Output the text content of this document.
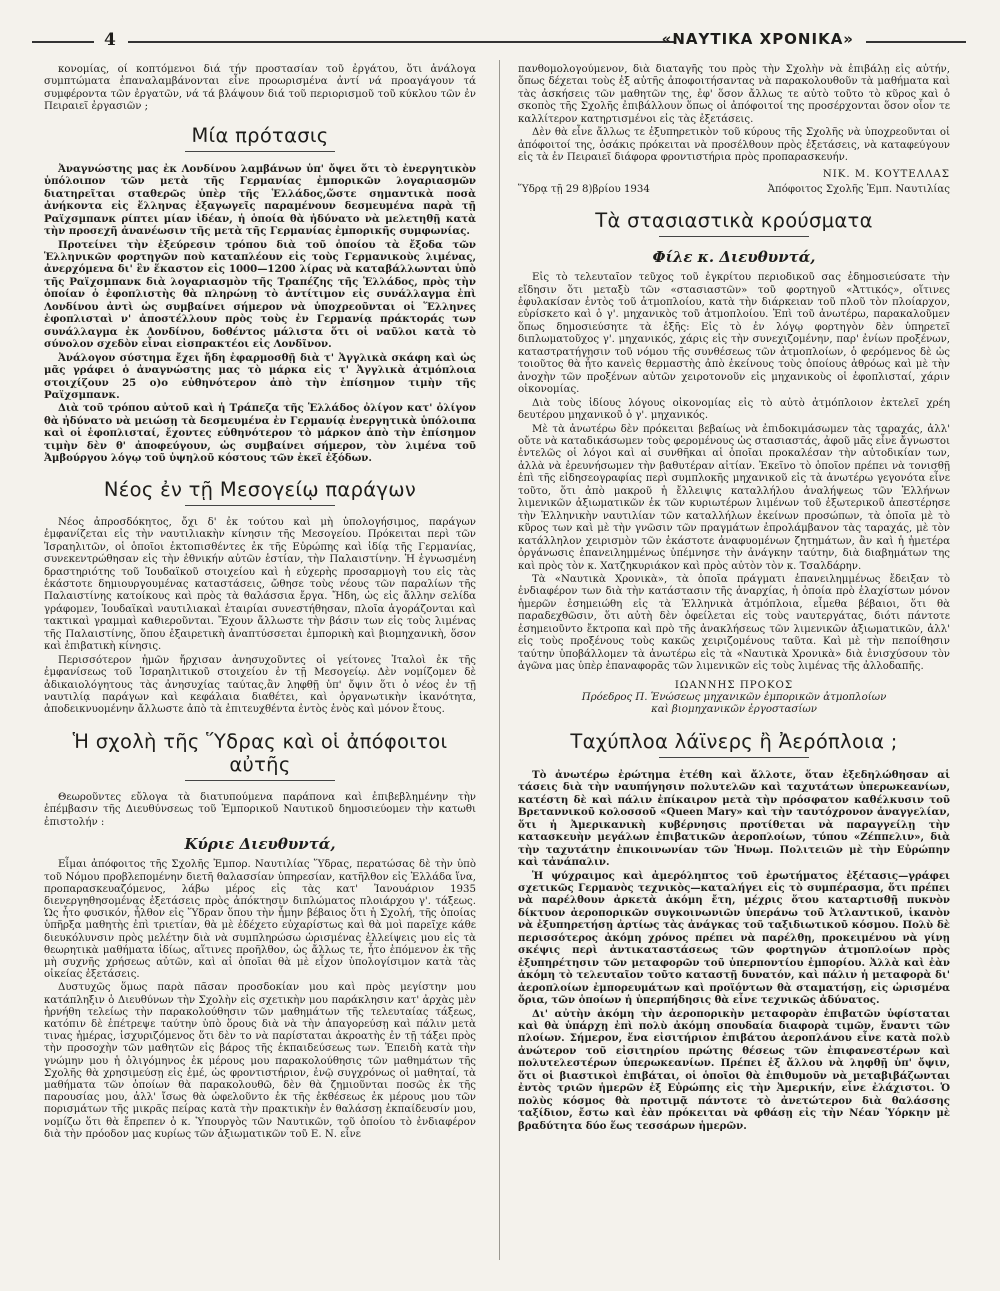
4	«ΝΑΥΤΙΚΑ ΧΡΟΝΙΚΑ»

κονομίας, οί κοπτόμενοι διά τήν προστασίαν τοῦ ἐργάτου, ὅτι ἀνάλογα συμπτώματα ἐπαναλαμβάνονται εἶνε προωρισμένα ἀντί νά προαγάγουν τά συμφέροντα τῶν ἐργατῶν, νά τά βλάψουν διά τοῦ περιορισμοῦ τοῦ κύκλου τῶν ἐν Πειραιεῖ ἐργασιῶν ;

Μία πρότασις

Ἀναγνώστης μας ἐκ Λονδίνου λαμβάνων ὑπ' ὄψει ὅτι τὸ ἐνεργητικὸν ὑπόλοιπον τῶν μετὰ τῆς Γερμανίας ἐμπορικῶν λογαριασμῶν διατηρεῖται σταθερῶς ὑπὲρ τῆς Ἑλλάδος,ὥστε σημαντικὰ ποσὰ ἀνήκοντα εἰς ἕλληνας ἐξαγωγεῖς παραμένουν δεσμευμένα παρὰ τῇ Ραϊχσμπανκ ρίπτει μίαν ἰδέαν, ἡ ὁποία θὰ ἠδύνατο νὰ μελετηθῇ κατὰ τὴν προσεχῆ ἀνανέωσιν τῆς μετὰ τῆς Γερμανίας ἐμπορικῆς συμφωνίας.

Προτείνει τὴν ἐξεύρεσιν τρόπου διὰ τοῦ ὁποίου τὰ ἔξοδα τῶν Ἑλληνικῶν φορτηγῶν ποὺ καταπλέουν εἰς τοὺς Γερμανικοὺς λιμένας, ἀνερχόμενα δι' ἓν ἕκαστον εἰς 1000—1200 λίρας νὰ καταβάλλωνται ὑπὸ τῆς Ραϊχσμπανκ διὰ λογαριασμὸν τῆς Τραπέζης τῆς Ἑλλάδος, πρὸς τὴν ὁποίαν ὁ ἐφοπλιστὴς θὰ πληρώνῃ τὸ ἀντίτιμον εἰς συνάλλαγμα ἐπὶ Λονδίνου ἀντὶ ὡς συμβαίνει σήμερον νὰ ὑποχρεοῦνται οἱ Ἕλληνες ἐφοπλισταὶ ν' ἀποστέλλουν πρὸς τοὺς ἐν Γερμανίᾳ πράκτοράς των συνάλλαγμα ἐκ Λονδίνου, δοθέντος μάλιστα ὅτι οἱ ναῦλοι κατὰ τὸ σύνολον σχεδὸν εἶναι εἰσπρακτέοι εἰς Λονδῖνον.

Ἀνάλογον σύστημα ἔχει ἤδη ἐφαρμοσθῇ διὰ τ' Ἀγγλικὰ σκάφη καὶ ὡς μᾶς γράφει ὁ ἀναγνώστης μας τὸ μάρκα εἰς τ' Ἀγγλικὰ ἀτμόπλοια στοιχίζουν 25 ο)ο εὐθηνότερον ἀπὸ τὴν ἐπίσημον τιμὴν τῆς Ραϊχσμπανκ.

Διὰ τοῦ τρόπου αὐτοῦ καὶ ἡ Τράπεζα τῆς Ἑλλάδος ὀλίγον κατ' ὀλίγον θὰ ἠδύνατο νὰ μειώσῃ τὰ δεσμευμένα ἐν Γερμανίᾳ ἐνεργητικὰ ὑπόλοιπα καὶ οἱ ἐφοπλισταί, ἔχοντες εὐθηνότερον τὸ μάρκον ἀπὸ τὴν ἐπίσημον τιμὴν δὲν θ' ἀποφεύγουν, ὡς συμβαίνει σήμερον, τὸν λιμένα τοῦ Ἀμβούργου λόγῳ τοῦ ὑψηλοῦ κόστους τῶν ἐκεῖ ἐξόδων.

Νέος ἐν τῇ Μεσογείῳ παράγων

Νέος ἀπροσδόκητος, ὄχι δ' ἐκ τούτου καὶ μὴ ὑπολογήσιμος, παράγων ἐμφανίζεται εἰς τὴν ναυτιλιακὴν κίνησιν τῆς Μεσογείου. Πρόκειται περὶ τῶν Ἰσραηλιτῶν, οἱ ὁποῖοι ἐκτοπισθέντες ἐκ τῆς Εὐρώπης καὶ ἰδίᾳ τῆς Γερμανίας, συνεκεντρώθησαν εἰς τὴν ἐθνικήν αὐτῶν ἑστίαν, τὴν Παλαιστίνην. Ἡ ἐγνωσμένη δραστηριότης τοῦ Ἰουδαϊκοῦ στοιχείου καὶ ἡ εὐχερὴς προσαρμογὴ του εἰς τὰς ἑκάστοτε δημιουργουμένας καταστάσεις, ὤθησε τοὺς νέους τῶν παραλίων τῆς Παλαιστίνης κατοίκους καὶ πρὸς τὰ θαλάσσια ἔργα. Ἤδη, ὡς εἰς ἄλλην σελίδα γράφομεν, Ἰουδαϊκαὶ ναυτιλιακαὶ ἑταιρίαι συνεστήθησαν, πλοῖα ἀγοράζονται καὶ τακτικαὶ γραμμαὶ καθιεροῦνται. Ἔχουν ἄλλωστε τὴν βάσιν των εἰς τοὺς λιμένας τῆς Παλαιστίνης, ὅπου ἐξαιρετικὴ ἀναπτύσσεται ἐμπορικὴ καὶ βιομηχανικὴ, ὅσον καὶ ἐπιβατικὴ κίνησις.

Περισσότερον ἡμῶν ἤρχισαν ἀνησυχοῦντες οἱ γείτονες Ἰταλοὶ ἐκ τῆς ἐμφανίσεως τοῦ Ἰσραηλιτικοῦ στοιχείου ἐν τῇ Μεσογείῳ. Δὲν νομίζομεν δὲ ἀδικαιολόγητους τὰς ἀνησυχίας ταύτας,ἂν ληφθῇ ὑπ' ὄψιν ὅτι ὁ νέος ἐν τῇ ναυτιλίᾳ παράγων καὶ κεφάλαια διαθέτει, καὶ ὀργανωτικὴν ἱκανότητα, ἀποδεικνυομένην ἄλλωστε ἀπὸ τὰ ἐπιτευχθέντα ἐντὸς ἐνὸς καὶ μόνον ἔτους.

Ἡ σχολὴ τῆς Ὕδρας καὶ οἱ ἀπόφοιτοι αὐτῆς

Θεωροῦντες εὔλογα τὰ διατυπούμενα παράπονα καὶ ἐπιβεβλημένην τὴν ἐπέμβασιν τῆς Διευθύνσεως τοῦ Ἐμπορικοῦ Ναυτικοῦ δημοσιεύομεν τὴν κατωθι ἐπιστολήν :

Κύριε Διευθυντά,

Εἶμαι ἀπόφοιτος τῆς Σχολῆς Ἐμπορ. Ναυτιλίας Ὕδρας, περατώσας δὲ τὴν ὑπὸ τοῦ Νόμου προβλεπομένην διετῆ θαλασσίαν ὑπηρεσίαν, κατῆλθον εἰς Ἑλλάδα ἵνα, προπαρασκευαζόμενος, λάβω μέρος εἰς τὰς κατ' Ἰανουάριον 1935 διενεργηθησομένας ἐξετάσεις πρὸς ἀπόκτησιν διπλώματος πλοιάρχου γ'. τάξεως. Ὡς ἦτο φυσικόν, ἦλθον εἰς Ὕδραν ὅπου τὴν ἦμην βέβαιος ὅτι ἡ Σχολή, τῆς ὁποίας ὑπῆρξα μαθητὴς ἐπὶ τριετίαν, θὰ μὲ ἐδέχετο εὐχαρίστως καὶ θὰ μοὶ παρεῖχε κάθε διευκόλυνσιν πρὸς μελέτην διὰ νὰ συμπληρώσω ὡρισμένας ἐλλείψεις μου εἰς τὰ θεωρητικὰ μαθήματα ἰδίως, αἵτινες προῆλθον, ὡς ἄλλως τε, ἦτο ἑπόμενον ἐκ τῆς μὴ συχνῆς χρήσεως αὐτῶν, καὶ αἱ ὁποῖαι θὰ μὲ εἶχον ὑπολογίσιμον κατὰ τὰς οἰκείας ἐξετάσεις.

Δυστυχῶς ὅμως παρὰ πᾶσαν προσδοκίαν μου καὶ πρὸς μεγίστην μου κατάπληξιν ὁ Διευθύνων τὴν Σχολὴν εἰς σχετικὴν μου παράκλησιν κατ' ἀρχὰς μὲν ἠρνήθη τελείως τὴν παρακολούθησιν τῶν μαθημάτων τῆς τελευταίας τάξεως, κατόπιν δὲ ἐπέτρεψε ταύτην ὑπὸ ὅρους διὰ νὰ τὴν ἀπαγορεύσῃ καὶ πάλιν μετὰ τινας ἡμέρας, ἰσχυριζόμενος ὅτι δὲν το νὰ παρίσταται ἀκροατὴς ἐν τῇ τάξει πρὸς τὴν προσοχὴν τῶν μαθητῶν εἰς βάρος τῆς ἐκπαιδεύσεως των. Ἐπειδὴ κατὰ τὴν γνώμην μου ἡ ὀλιγόμηνος ἐκ μέρους μου παρακολούθησις τῶν μαθημάτων τῆς Σχολῆς θὰ χρησιμεύσῃ εἰς ἐμέ, ὡς φροντιστήριον, ἐνῷ συγχρόνως οἱ μαθηταί, τὰ μαθήματα τῶν ὁποίων θὰ παρακολουθῶ, δὲν θὰ ζημιοῦνται ποσῶς ἐκ τῆς παρουσίας μου, ἀλλ' ἴσως θὰ ὠφελοῦντο ἐκ τῆς ἐκθέσεως ἐκ μέρους μου τῶν πορισμάτων τῆς μικρᾶς πείρας κατὰ τὴν πρακτικὴν ἐν θαλάσσῃ ἐκπαίδευσίν μου, νομίζω ὅτι θὰ ἔπρεπεν ὁ κ. Ὑπουργὸς τῶν Ναυτικῶν, τοῦ ὁποίου τὸ ἐνδιαφέρον διὰ τὴν πρόοδον μας κυρίως τῶν ἀξιωματικῶν τοῦ Ε. Ν. εἶνε

πανθομολογούμενον, διὰ διαταγῆς του πρὸς τὴν Σχολὴν νὰ ἐπιβάλῃ εἰς αὐτήν, ὅπως δέχεται τοὺς ἐξ αὐτῆς ἀποφοιτήσαντας νὰ παρακολουθοῦν τὰ μαθήματα καὶ τὰς ἀσκήσεις τῶν μαθητῶν της, ἐφ' ὅσον ἄλλως τε αὐτὸ τοῦτο τὸ κῦρος καὶ ὁ σκοπὸς τῆς Σχολῆς ἐπιβάλλουν ὅπως οἱ ἀπόφοιτοί της προσέρχονται ὅσον οἷον τε καλλίτερον κατηρτισμένοι εἰς τὰς ἐξετάσεις.

Δὲν θὰ εἶνε ἄλλως τε ἐξυπηρετικὸν τοῦ κύρους τῆς Σχολῆς νὰ ὑποχρεοῦνται οἱ ἀπόφοιτοί της, ὁσάκις πρόκειται νὰ προσέλθουν πρὸς ἐξετάσεις, νὰ καταφεύγουν εἰς τὰ ἐν Πειραιεῖ διάφορα φροντιστήρια πρὸς προπαρασκευήν.

ΝΙΚ. Μ. ΚΟΥΤΕΛΛΑΣ
Ὕδρᾳ τῇ 29 8)βρίου 1934	Ἀπόφοιτος Σχολῆς Ἐμπ. Ναυτιλίας
Τὰ στασιαστικὰ κρούσματα
Φίλε κ. Διευθυντά,

Εἰς τὸ τελευταῖον τεῦχος τοῦ ἐγκρίτου περιοδικοῦ σας ἐδημοσιεύσατε τὴν εἴδησιν ὅτι μεταξὺ τῶν «στασιαστῶν» τοῦ φορτηγοῦ «Ἀττικός», οἵτινες ἐφυλακίσαν ἐντὸς τοῦ ἀτμοπλοίου, κατὰ τὴν διάρκειαν τοῦ πλοῦ τὸν πλοίαρχον, εὑρίσκετο καὶ ὁ γ'. μηχανικὸς τοῦ ἀτμοπλοίου. Ἐπὶ τοῦ ἀνωτέρω, παρακαλοῦμεν ὅπως δημοσιεύσητε τὰ ἑξῆς: Εἰς τὸ ἐν λόγῳ φορτηγὸν δὲν ὑπηρετεῖ διπλωματοῦχος γ'. μηχανικός, χάρις εἰς τὴν συνεχιζομένην, παρ' ἐνίων προξένων, καταστρατήγησιν τοῦ νόμου τῆς συνθέσεως τῶν ἀτμοπλοίων, ὁ φερόμενος δὲ ὡς τοιοῦτος θὰ ἦτο κανεὶς θερμαστὴς ἀπὸ ἐκείνους τοὺς ὁποίους ἀθρόως καὶ μὲ τὴν ἀνοχὴν τῶν προξένων αὐτῶν χειροτονοῦν εἰς μηχανικοὺς οἱ ἐφοπλισταί, χάριν οἰκονομίας.

Διὰ τοὺς ἰδίους λόγους οἰκονομίας εἰς τὸ αὐτὸ ἀτμόπλοιον ἐκτελεῖ χρέη δευτέρου μηχανικοῦ ὁ γ'. μηχανικός.

Μὲ τὰ ἀνωτέρω δὲν πρόκειται βεβαίως νὰ ἐπιδοκιμάσωμεν τὰς ταραχάς, ἀλλ' οὔτε νὰ καταδικάσωμεν τοὺς φερομένους ὡς στασιαστάς, ἀφοῦ μᾶς εἶνε ἄγνωστοι ἐντελῶς οἱ λόγοι καὶ αἱ συνθῆκαι αἱ ὁποῖαι προκαλέσαν τὴν αὐτοδικίαν των, ἀλλὰ νὰ ἐρευνήσωμεν τὴν βαθυτέραν αἰτίαν. Ἐκεῖνο τὸ ὁποῖον πρέπει νὰ τονισθῇ ἐπὶ τῆς εἰδησεογραφίας περὶ συμπλοκῆς μηχανικοῦ εἰς τὰ ἀνωτέρω γεγονότα εἶνε τοῦτο, ὅτι ἀπὸ μακροῦ ἡ ἔλλειψις καταλλήλου ἀναλήψεως τῶν Ἑλλήνων λιμενικῶν ἀξιωματικῶν ἐκ τῶν κυριωτέρων λιμένων τοῦ ἐξωτερικοῦ ἀπεστέρησε τὴν Ἑλληνικὴν ναυτιλίαν τῶν καταλλήλων ἐκείνων προσώπων, τὰ ὁποῖα μὲ τὸ κῦρος των καὶ μὲ τὴν γνῶσιν τῶν πραγμάτων ἐπρολάμβανον τὰς ταραχάς, μὲ τὸν κατάλληλον χειρισμὸν τῶν ἑκάστοτε ἀναφυομένων ζητημάτων, ἂν καὶ ἡ ἡμετέρα ὀργάνωσις ἐπανειλημμένως ὑπέμνησε τὴν ἀνάγκην ταύτην, διὰ διαβημάτων της καὶ πρὸς τὸν κ. Χατζηκυριάκον καὶ πρὸς αὐτὸν τὸν κ. Τσαλδάρην.

Τὰ «Ναυτικὰ Χρονικὰ», τὰ ὁποῖα πράγματι ἐπανειλημμένως ἔδειξαν τὸ ἐνδιαφέρον των διὰ τὴν κατάστασιν τῆς ἀναρχίας, ἡ ὁποία πρὸ ἐλαχίστων μόνον ἡμερῶν ἐσημειώθη εἰς τὰ Ἑλληνικὰ ἀτμόπλοια, εἶμεθα βέβαιοι, ὅτι θὰ παραδεχθῶσιν, ὅτι αὐτὴ δὲν ὀφείλεται εἰς τοὺς ναυτεργάτας, διότι πάντοτε ἐσημειοῦντο ἔκτροπα καὶ πρὸ τῆς ἀνακλήσεως τῶν λιμενικῶν ἀξιωματικῶν, ἀλλ' εἰς τοὺς προξένους τοὺς κακῶς χειριζομένους ταῦτα. Καὶ μὲ τὴν πεποίθησιν ταύτην ὑποβάλλομεν τὰ ἀνωτέρω εἰς τὰ «Ναυτικὰ Χρονικὰ» διὰ ἐνισχύσουν τὸν ἀγῶνα μας ὑπὲρ ἐπαναφορᾶς τῶν λιμενικῶν εἰς τοὺς λιμένας τῆς ἀλλοδαπῆς.

ΙΩΑΝΝΗΣ ΠΡΟΚΟΣ
Πρόεδρος Π. Ἑνώσεως μηχανικῶν ἐμπορικῶν ἀτμοπλοίων
καὶ βιομηχανικῶν ἐργοστασίων
Ταχύπλοα λάϊνερς ἢ Ἀερόπλοια ;

Τὸ ἀνωτέρω ἐρώτημα ἐτέθη καὶ ἄλλοτε, ὅταν ἐξεδηλώθησαν αἱ τάσεις διὰ τὴν ναυπήγησιν πολυτελῶν καὶ ταχυτάτων ὑπερωκεανίων, κατέστη δὲ καὶ πάλιν ἐπίκαιρον μετὰ τὴν πρόσφατον καθέλκυσιν τοῦ Βρεταννικοῦ κολοσσοῦ «Queen Mary» καὶ τὴν ταυτόχρονον ἀναγγελίαν, ὅτι ἡ Ἀμερικανικὴ κυβέρνησις προτίθεται νὰ παραγγείλῃ τὴν κατασκευὴν μεγάλων ἐπιβατικῶν ἀεροπλοίων, τύπου «Ζέππελιν», διὰ τὴν ταχυτάτην ἐπικοινωνίαν τῶν Ἡνωμ. Πολιτειῶν μὲ τὴν Εὐρώπην καὶ τἀνάπαλιν.

Ἡ ψύχραιμος καὶ ἀμερόληπτος τοῦ ἐρωτήματος ἐξέτασις—γράφει σχετικῶς Γερμανὸς τεχνικὸς—καταλήγει εἰς τὸ συμπέρασμα, ὅτι πρέπει νὰ παρέλθουν ἀρκετὰ ἀκόμη ἔτη, μέχρις ὅτου καταρτισθῇ πυκνὸν δίκτυον ἀεροπορικῶν συγκοινωνιῶν ὑπεράνω τοῦ Ἀτλαντικοῦ, ἱκανὸν νὰ ἐξυπηρετήσῃ ἀρτίως τὰς ἀνάγκας τοῦ ταξιδιωτικοῦ κόσμου. Πολὺ δὲ περισσότερος ἀκόμη χρόνος πρέπει νὰ παρέλθῃ, προκειμένου νὰ γίνῃ σκέψις περὶ ἀντικαταστάσεως τῶν φορτηγῶν ἀτμοπλοίων πρὸς ἐξυπηρέτησιν τῶν μεταφορῶν τοῦ ὑπερποντίου ἐμπορίου. Ἀλλὰ καὶ ἐὰν ἀκόμη τὸ τελευταῖον τοῦτο καταστῇ δυνατόν, καὶ πάλιν ἡ μεταφορὰ δι' ἀεροπλοίων ἐμπορευμάτων καὶ προϊόντων θὰ σταματήσῃ, εἰς ὡρισμένα ὅρια, τῶν ὁποίων ἡ ὑπερπήδησις θὰ εἶνε τεχνικῶς ἀδύνατος.

Δι' αὐτὴν ἀκόμη τὴν ἀεροπορικὴν μεταφορὰν ἐπιβατῶν ὑφίσταται καὶ θὰ ὑπάρχῃ ἐπὶ πολὺ ἀκόμη σπουδαία διαφορὰ τιμῶν, ἔναντι τῶν πλοίων. Σήμερον, ἕνα εἰσιτήριον ἐπιβάτου ἀεροπλάνου εἶνε κατὰ πολὺ ἀνώτερον τοῦ εἰσιτηρίου πρώτης θέσεως τῶν ἐπιφανεστέρων καὶ πολυτελεστέρων ὑπερωκεανίων. Πρέπει ἐξ ἄλλου νὰ ληφθῇ ὑπ' ὄψιν, ὅτι οἱ βιαστικοὶ ἐπιβάται, οἱ ὁποῖοι θὰ ἐπιθυμοῦν νὰ μεταβιβάζωνται ἐντὸς τριῶν ἡμερῶν ἐξ Εὐρώπης εἰς τὴν Ἀμερικήν, εἶνε ἐλάχιστοι. Ὁ πολὺς κόσμος θὰ προτιμᾷ πάντοτε τὸ ἀνετώτερον διὰ θαλάσσης ταξίδιον, ἔστω καὶ ἐὰν πρόκειται νὰ φθάσῃ εἰς τὴν Νέαν Ὑόρκην μὲ βραδύτητα δύο ἕως τεσσάρων ἡμερῶν.
